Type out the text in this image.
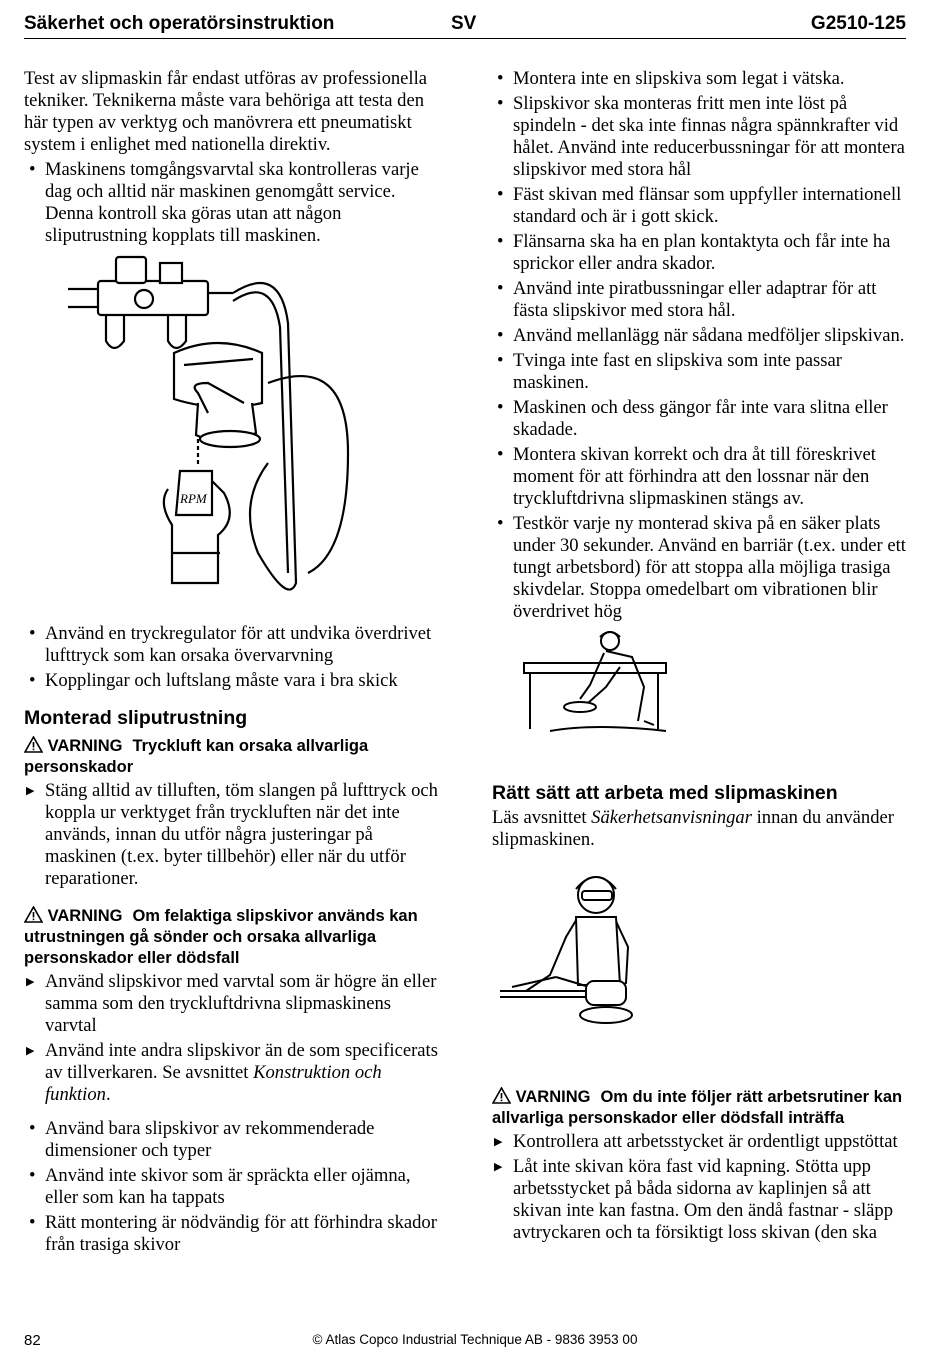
Säkerhet och operatörsinstruktion	SV	G2510-125

Test av slipmaskin får endast utföras av professionella tekniker. Teknikerna måste vara behöriga att testa den här typen av verktyg och manövrera ett pneumatiskt system i enlighet med nationella direktiv.

• Maskinens tomgångsvarvtal ska kontrolleras varje dag och alltid när maskinen genomgått service. Denna kontroll ska göras utan att någon sliputrustning kopplats till maskinen.
RPM
• Använd en tryckregulator för att undvika överdrivet lufttryck som kan orsaka övervarvning
• Kopplingar och luftslang måste vara i bra skick
Monterad sliputrustning
VARNING Tryckluft kan orsaka allvarliga personskador
▶ Stäng alltid av tilluften, töm slangen på lufttryck och koppla ur verktyget från tryckluften när det inte används, innan du utför några justeringar på maskinen (t.ex. byter tillbehör) eller när du utför reparationer.
VARNING Om felaktiga slipskivor används kan utrustningen gå sönder och orsaka allvarliga personskador eller dödsfall
▶ Använd slipskivor med varvtal som är högre än eller samma som den tryckluftdrivna slipmaskinens varvtal
▶ Använd inte andra slipskivor än de som specificerats av tillverkaren. Se avsnittet Konstruktion och funktion.
• Använd bara slipskivor av rekommenderade dimensioner och typer
• Använd inte skivor som är spräckta eller ojämna, eller som kan ha tappats
• Rätt montering är nödvändig för att förhindra skador från trasiga skivor
• Montera inte en slipskiva som legat i vätska.
• Slipskivor ska monteras fritt men inte löst på spindeln - det ska inte finnas några spännkrafter vid hålet. Använd inte reducerbussningar för att montera slipskivor med stora hål
• Fäst skivan med flänsar som uppfyller internationell standard och är i gott skick.
• Flänsarna ska ha en plan kontaktyta och får inte ha sprickor eller andra skador.
• Använd inte piratbussningar eller adaptrar för att fästa slipskivor med stora hål.
• Använd mellanlägg när sådana medföljer slipskivan.
• Tvinga inte fast en slipskiva som inte passar maskinen.
• Maskinen och dess gängor får inte vara slitna eller skadade.
• Montera skivan korrekt och dra åt till föreskrivet moment för att förhindra att den lossnar när den tryckluftdrivna slipmaskinen stängs av.
• Testkör varje ny monterad skiva på en säker plats under 30 sekunder. Använd en barriär (t.ex. under ett tungt arbetsbord) för att stoppa alla möjliga trasiga skivdelar. Stoppa omedelbart om vibrationen blir överdrivet hög
Rätt sätt att arbeta med slipmaskinen

Läs avsnittet Säkerhetsanvisningar innan du använder slipmaskinen.

VARNING Om du inte följer rätt arbetsrutiner kan allvarliga personskador eller dödsfall inträffa
▶ Kontrollera att arbetsstycket är ordentligt uppstöttat
▶ Låt inte skivan köra fast vid kapning. Stötta upp arbetsstycket på båda sidorna av kaplinjen så att skivan inte kan fastna. Om den ändå fastnar - släpp avtryckaren och ta försiktigt loss skivan (den ska
82	© Atlas Copco Industrial Technique AB - 9836 3953 00
